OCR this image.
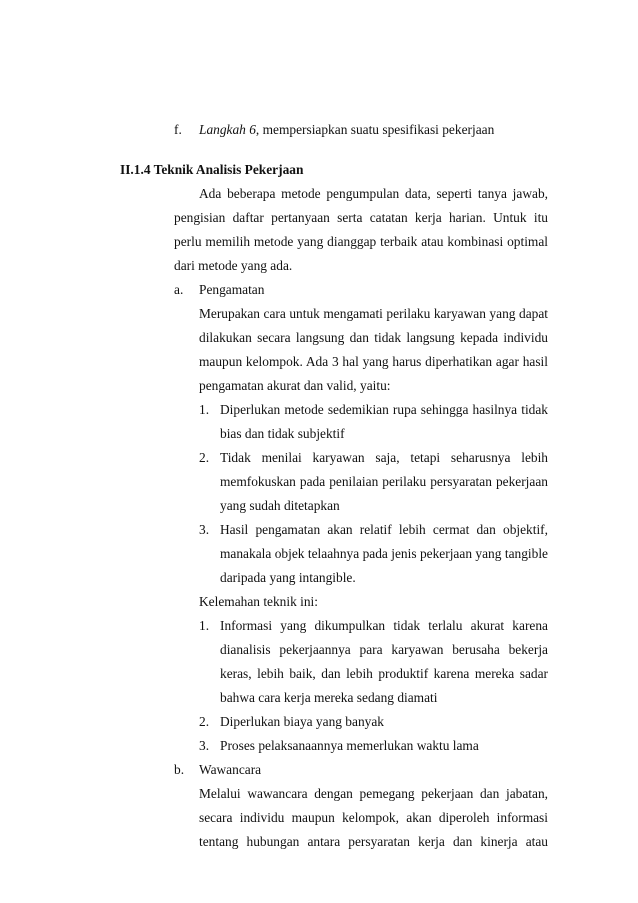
f. Langkah 6, mempersiapkan suatu spesifikasi pekerjaan
II.1.4 Teknik Analisis Pekerjaan
Ada beberapa metode pengumpulan data, seperti tanya jawab,
pengisian daftar pertanyaan serta catatan kerja harian. Untuk itu
perlu memilih metode yang dianggap terbaik atau kombinasi optimal
dari metode yang ada.
a. Pengamatan
Merupakan cara untuk mengamati perilaku karyawan yang dapat
dilakukan secara langsung dan tidak langsung kepada individu
maupun kelompok. Ada 3 hal yang harus diperhatikan agar hasil
pengamatan akurat dan valid, yaitu:
1. Diperlukan metode sedemikian rupa sehingga hasilnya tidak
bias dan tidak subjektif
2. Tidak menilai karyawan saja, tetapi seharusnya lebih
memfokuskan pada penilaian perilaku persyaratan pekerjaan
yang sudah ditetapkan
3. Hasil pengamatan akan relatif lebih cermat dan objektif,
manakala objek telaahnya pada jenis pekerjaan yang tangible
daripada yang intangible.
Kelemahan teknik ini:
1. Informasi yang dikumpulkan tidak terlalu akurat karena
dianalisis pekerjaannya para karyawan berusaha bekerja
keras, lebih baik, dan lebih produktif karena mereka sadar
bahwa cara kerja mereka sedang diamati
2. Diperlukan biaya yang banyak
3. Proses pelaksanaannya memerlukan waktu lama
b. Wawancara
Melalui wawancara dengan pemegang pekerjaan dan jabatan,
secara individu maupun kelompok, akan diperoleh informasi
tentang hubungan antara persyaratan kerja dan kinerja atau
